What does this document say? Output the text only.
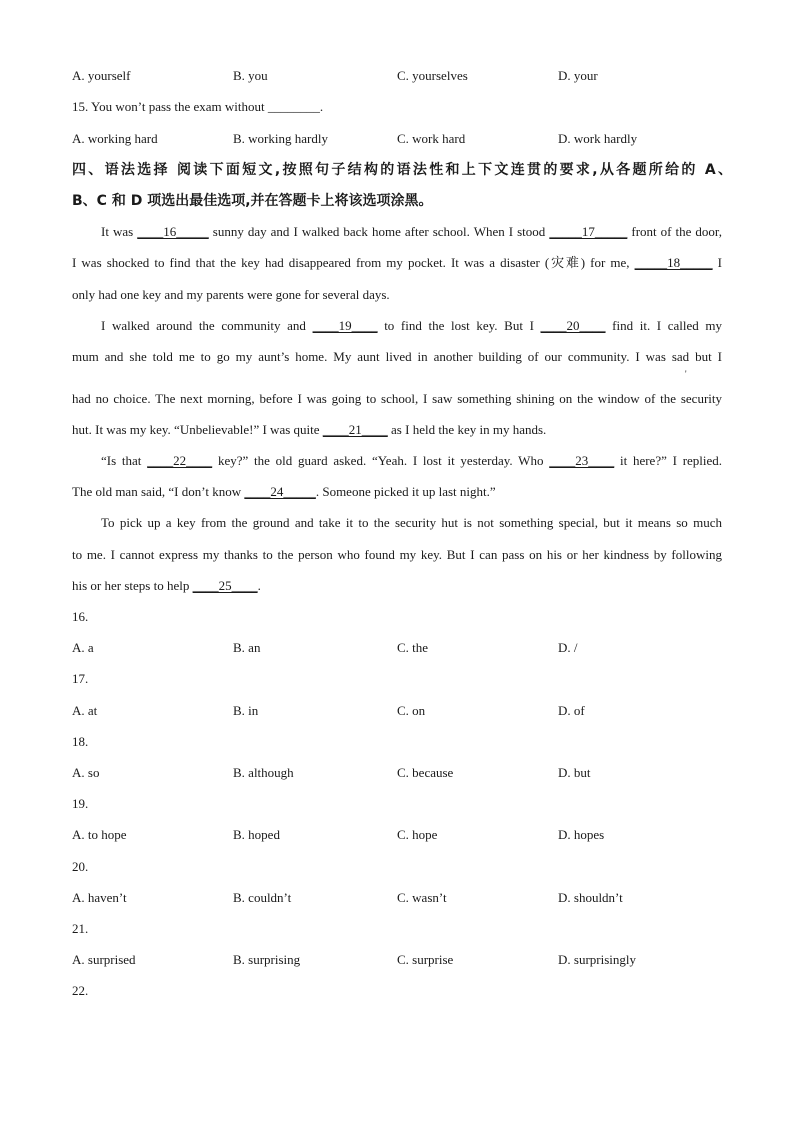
A. yourself	B. you	C. yourselves	D. your
15. You won’t pass the exam without ________.
A. working hard	B. working hardly	C. work hard	D. work hardly
四、语法选择 阅读下面短文,按照句子结构的语法性和上下文连贯的要求,从各题所给的 A、
B、C 和 D 项选出最佳选项,并在答题卡上将该选项涂黑。
It was ____16_____ sunny day and I walked back home after school. When I stood _____17_____ front of the door,
I was shocked to find that the key had disappeared from my pocket. It was a disaster (灾难) for me, _____18_____ I
only had one key and my parents were gone for several days.
I walked around the community and ____19____ to find the lost key. But I ____20____ find it. I called my
mum and she told me to go my aunt’s home. My aunt lived in another building of our community. I was sad but I
'
had no choice. The next morning, before I was going to school, I saw something shining on the window of the security
hut. It was my key. “Unbelievable!” I was quite ____21____ as I held the key in my hands.
“Is that ____22____ key?” the old guard asked. “Yeah. I lost it yesterday. Who ____23____ it here?” I replied.
The old man said, “I don’t know ____24_____. Someone picked it up last night.”
To pick up a key from the ground and take it to the security hut is not something special, but it means so much
to me. I cannot express my thanks to the person who found my key. But I can pass on his or her kindness by following
his or her steps to help ____25____.
16.
A. a	B. an	C. the	D. /
17.
A. at	B. in	C. on	D. of
18.
A. so	B. although	C. because	D. but
19.
A. to hope	B. hoped	C. hope	D. hopes
20.
A. haven’t	B. couldn’t	C. wasn’t	D. shouldn’t
21.
A. surprised	B. surprising	C. surprise	D. surprisingly
22.
